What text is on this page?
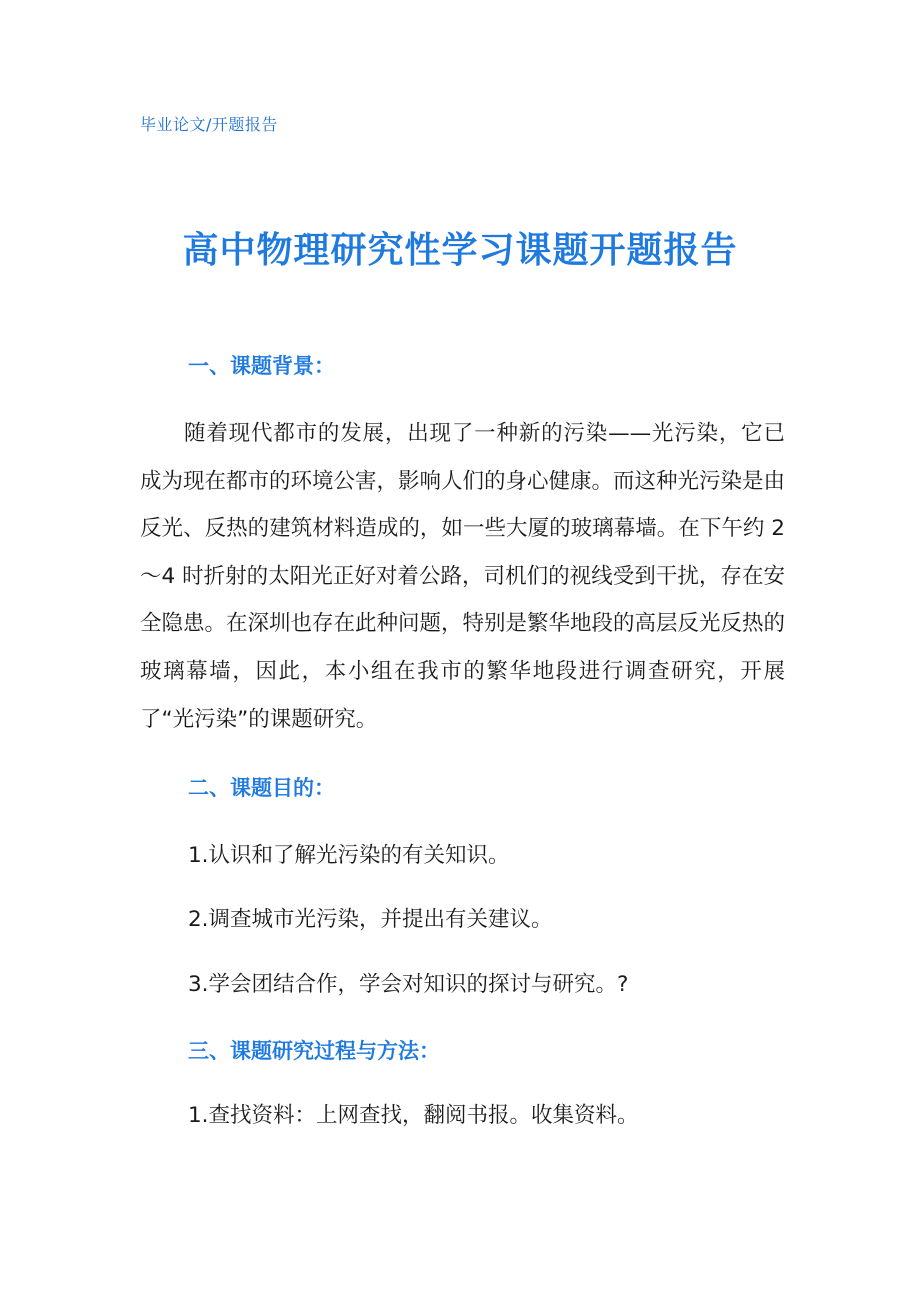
毕业论文/开题报告
高中物理研究性学习课题开题报告
一、课题背景：

随着现代都市的发展，出现了一种新的污染——光污染，它已成为现在都市的环境公害，影响人们的身心健康。而这种光污染是由反光、反热的建筑材料造成的，如一些大厦的玻璃幕墙。在下午约 2～4 时折射的太阳光正好对着公路，司机们的视线受到干扰，存在安全隐患。在深圳也存在此种问题，特别是繁华地段的高层反光反热的玻璃幕墙，因此，本小组在我市的繁华地段进行调查研究，开展了“光污染”的课题研究。

二、课题目的：

1.认识和了解光污染的有关知识。

2.调查城市光污染，并提出有关建议。

3.学会团结合作，学会对知识的探讨与研究。?

三、课题研究过程与方法：

1.查找资料：上网查找，翻阅书报。收集资料。
